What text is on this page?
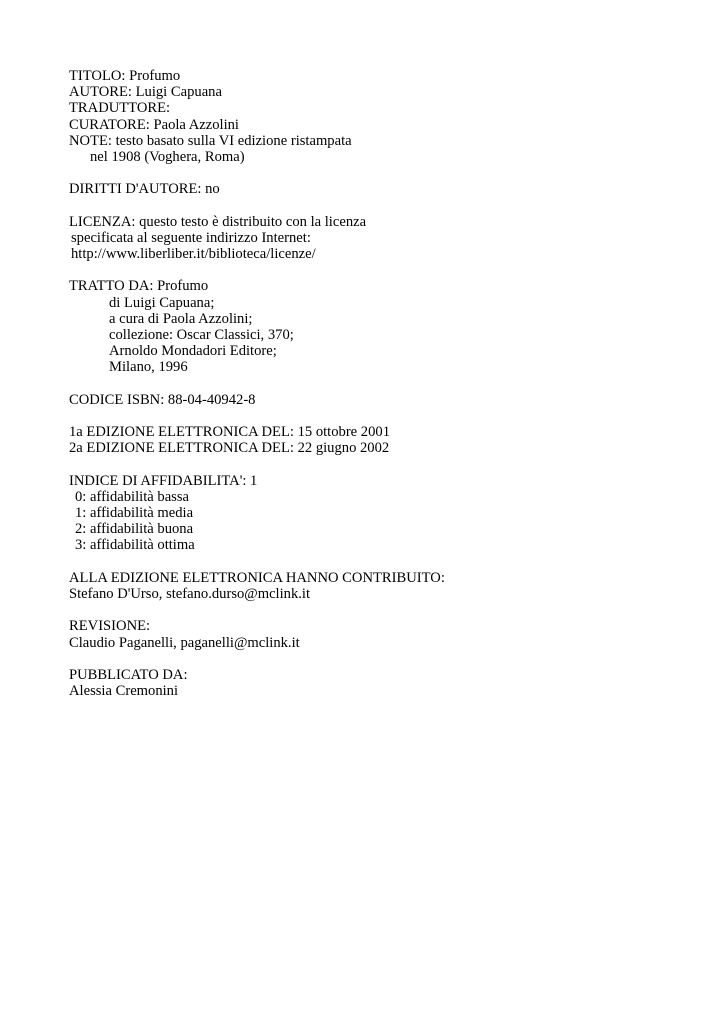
TITOLO: Profumo
AUTORE: Luigi Capuana
TRADUTTORE:
CURATORE: Paola Azzolini
NOTE: testo basato sulla VI edizione ristampata
nel 1908 (Voghera, Roma)
DIRITTI D'AUTORE: no
LICENZA: questo testo è distribuito con la licenza
specificata al seguente indirizzo Internet:
http://www.liberliber.it/biblioteca/licenze/
TRATTO DA: Profumo
di Luigi Capuana;
a cura di Paola Azzolini;
collezione: Oscar Classici, 370;
Arnoldo Mondadori Editore;
Milano, 1996
CODICE ISBN: 88-04-40942-8
1a EDIZIONE ELETTRONICA DEL: 15 ottobre 2001
2a EDIZIONE ELETTRONICA DEL: 22 giugno 2002
INDICE DI AFFIDABILITA': 1
0: affidabilità bassa
1: affidabilità media
2: affidabilità buona
3: affidabilità ottima
ALLA EDIZIONE ELETTRONICA HANNO CONTRIBUITO:
Stefano D'Urso, stefano.durso@mclink.it
REVISIONE:
Claudio Paganelli, paganelli@mclink.it
PUBBLICATO DA:
Alessia Cremonini
